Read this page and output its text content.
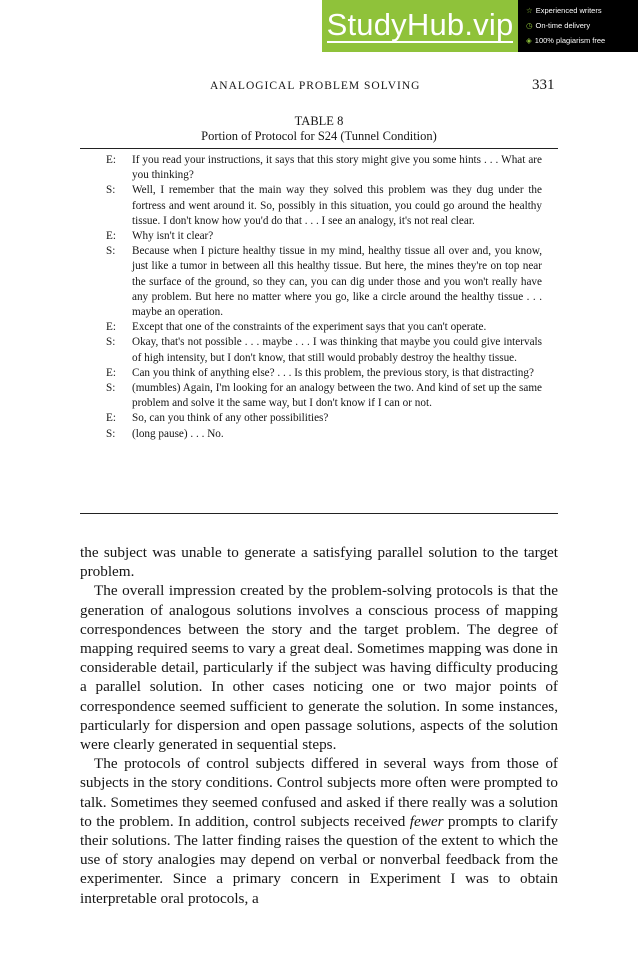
StudyHub.vip ☆ Experienced writers
◷ On-time delivery
◈ 100% plagiarism free
ANALOGICAL PROBLEM SOLVING	331
TABLE 8
Portion of Protocol for S24 (Tunnel Condition)
E:	If you read your instructions, it says that this story might give you some hints . . . What are you thinking?
S:	Well, I remember that the main way they solved this problem was they dug under the fortress and went around it. So, possibly in this situation, you could go around the healthy tissue. I don't know how you'd do that . . . I see an analogy, it's not real clear.
E:	Why isn't it clear?
S:	Because when I picture healthy tissue in my mind, healthy tissue all over and, you know, just like a tumor in between all this healthy tissue. But here, the mines they're on top near the surface of the ground, so they can, you can dig under those and you won't really have any problem. But here no matter where you go, like a circle around the healthy tissue . . . maybe an operation.
E:	Except that one of the constraints of the experiment says that you can't operate.
S:	Okay, that's not possible . . . maybe . . . I was thinking that maybe you could give intervals of high intensity, but I don't know, that still would probably destroy the healthy tissue.
E:	Can you think of anything else? . . . Is this problem, the previous story, is that distracting?
S:	(mumbles) Again, I'm looking for an analogy between the two. And kind of set up the same problem and solve it the same way, but I don't know if I can or not.
E:	So, can you think of any other possibilities?
S:	(long pause) . . . No.

the subject was unable to generate a satisfying parallel solution to the target problem.

The overall impression created by the problem-solving protocols is that the generation of analogous solutions involves a conscious process of mapping correspondences between the story and the target problem. The degree of mapping required seems to vary a great deal. Sometimes mapping was done in considerable detail, particularly if the subject was having difficulty producing a parallel solution. In other cases noticing one or two major points of correspondence seemed sufficient to generate the solution. In some instances, particularly for dispersion and open passage solutions, aspects of the solution were clearly generated in sequential steps.

The protocols of control subjects differed in several ways from those of subjects in the story conditions. Control subjects more often were prompted to talk. Sometimes they seemed confused and asked if there really was a solution to the problem. In addition, control subjects received fewer prompts to clarify their solutions. The latter finding raises the question of the extent to which the use of story analogies may depend on verbal or nonverbal feedback from the experimenter. Since a primary concern in Experiment I was to obtain interpretable oral protocols, a
